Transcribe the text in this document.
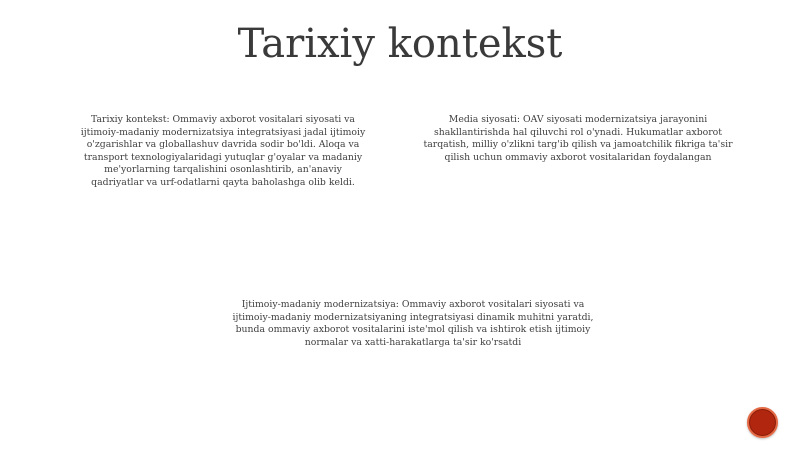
Tarixiy kontekst

Tarixiy kontekst: Ommaviy axborot vositalari siyosati va ijtimoiy-madaniy modernizatsiya integratsiyasi jadal ijtimoiy o'zgarishlar va globallashuv davrida sodir bo'ldi. Aloqa va transport texnologiyalaridagi yutuqlar g'oyalar va madaniy me'yorlarning tarqalishini osonlashtirib, an'anaviy qadriyatlar va urf-odatlarni qayta baholashga olib keldi.

Media siyosati: OAV siyosati modernizatsiya jarayonini shakllantirishda hal qiluvchi rol o'ynadi. Hukumatlar axborot tarqatish, milliy o'zlikni targ'ib qilish va jamoatchilik fikriga ta'sir qilish uchun ommaviy axborot vositalaridan foydalangan

Ijtimoiy-madaniy modernizatsiya: Ommaviy axborot vositalari siyosati va ijtimoiy-madaniy modernizatsiyaning integratsiyasi dinamik muhitni yaratdi, bunda ommaviy axborot vositalarini iste'mol qilish va ishtirok etish ijtimoiy normalar va xatti-harakatlarga ta'sir ko'rsatdi
